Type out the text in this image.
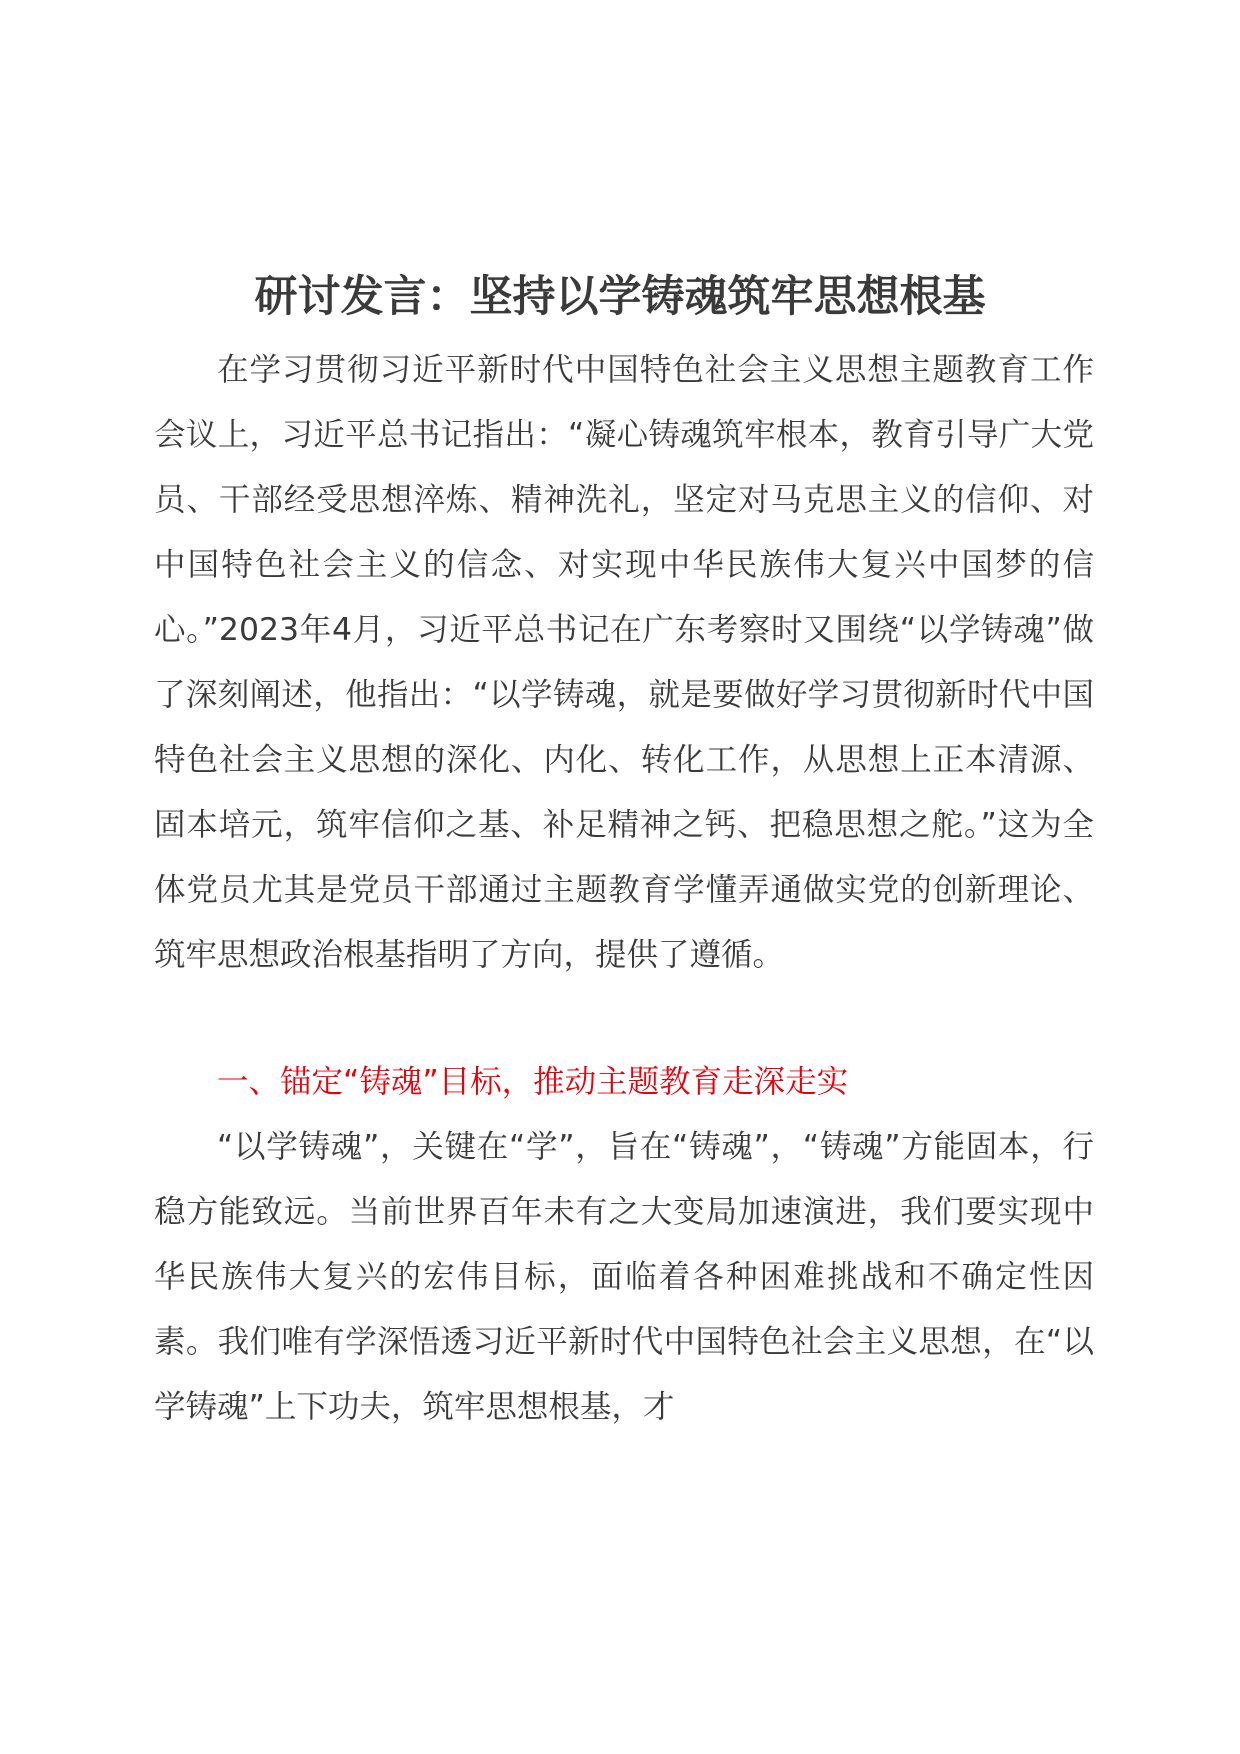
研讨发言：坚持以学铸魂筑牢思想根基

在学习贯彻习近平新时代中国特色社会主义思想主题教育工作会议上，习近平总书记指出：“凝心铸魂筑牢根本，教育引导广大党员、干部经受思想淬炼、精神洗礼，坚定对马克思主义的信仰、对中国特色社会主义的信念、对实现中华民族伟大复兴中国梦的信心。”2023年4月，习近平总书记在广东考察时又围绕“以学铸魂”做了深刻阐述，他指出：“以学铸魂，就是要做好学习贯彻新时代中国特色社会主义思想的深化、内化、转化工作，从思想上正本清源、固本培元，筑牢信仰之基、补足精神之钙、把稳思想之舵。”这为全体党员尤其是党员干部通过主题教育学懂弄通做实党的创新理论、筑牢思想政治根基指明了方向，提供了遵循。

一、锚定“铸魂”目标，推动主题教育走深走实

“以学铸魂”，关键在“学”，旨在“铸魂”，“铸魂”方能固本，行稳方能致远。当前世界百年未有之大变局加速演进，我们要实现中华民族伟大复兴的宏伟目标，面临着各种困难挑战和不确定性因素。我们唯有学深悟透习近平新时代中国特色社会主义思想，在“以学铸魂”上下功夫，筑牢思想根基，才
